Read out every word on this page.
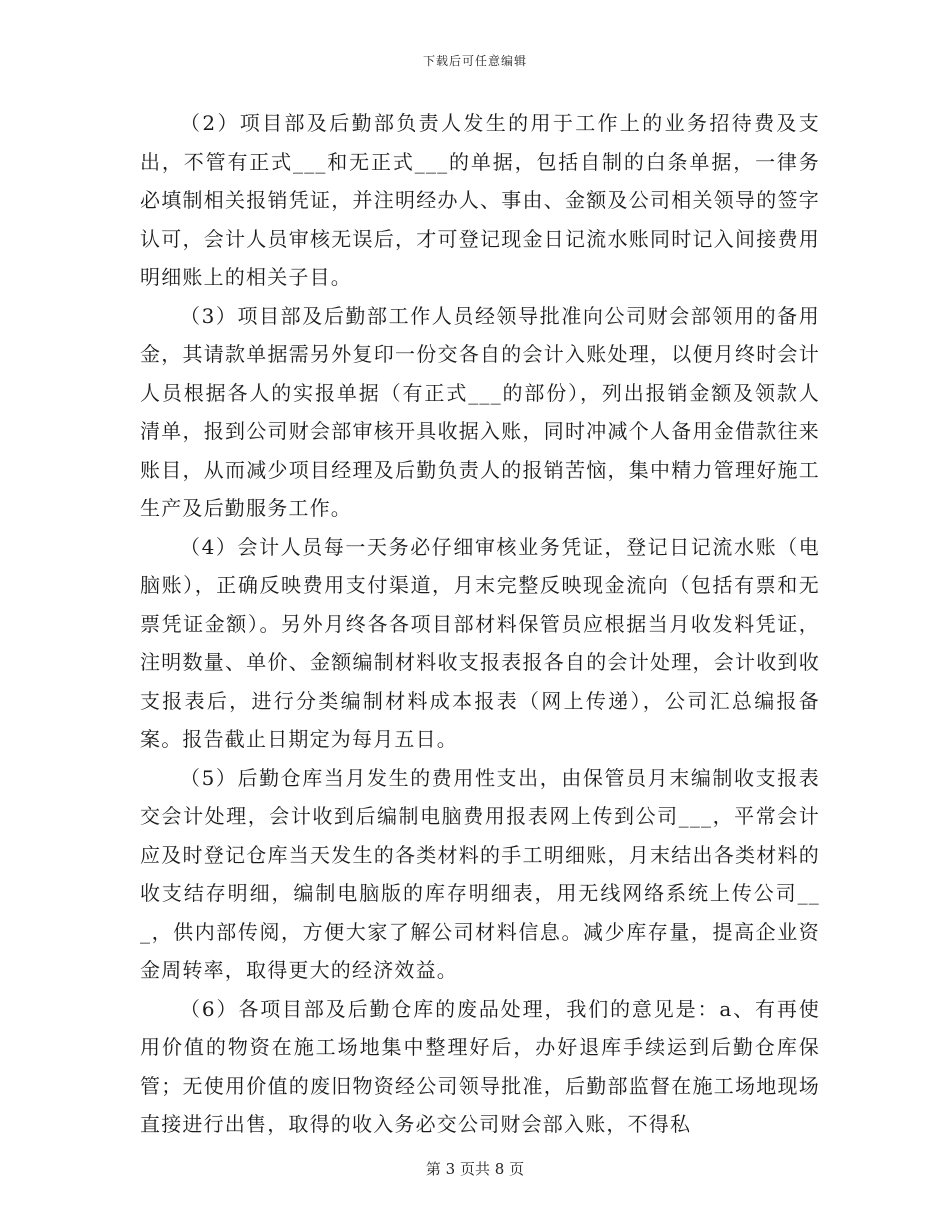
下载后可任意编辑

（2）项目部及后勤部负责人发生的用于工作上的业务招待费及支出，不管有正式___和无正式___的单据，包括自制的白条单据，一律务必填制相关报销凭证，并注明经办人、事由、金额及公司相关领导的签字认可，会计人员审核无误后，才可登记现金日记流水账同时记入间接费用明细账上的相关子目。

（3）项目部及后勤部工作人员经领导批准向公司财会部领用的备用金，其请款单据需另外复印一份交各自的会计入账处理，以便月终时会计人员根据各人的实报单据（有正式___的部份），列出报销金额及领款人清单，报到公司财会部审核开具收据入账，同时冲减个人备用金借款往来账目，从而减少项目经理及后勤负责人的报销苦恼，集中精力管理好施工生产及后勤服务工作。

（4）会计人员每一天务必仔细审核业务凭证，登记日记流水账（电脑账），正确反映费用支付渠道，月末完整反映现金流向（包括有票和无票凭证金额）。另外月终各各项目部材料保管员应根据当月收发料凭证，注明数量、单价、金额编制材料收支报表报各自的会计处理，会计收到收支报表后，进行分类编制材料成本报表（网上传递），公司汇总编报备案。报告截止日期定为每月五日。

（5）后勤仓库当月发生的费用性支出，由保管员月末编制收支报表交会计处理，会计收到后编制电脑费用报表网上传到公司___，平常会计应及时登记仓库当天发生的各类材料的手工明细账，月末结出各类材料的收支结存明细，编制电脑版的库存明细表，用无线网络系统上传公司___，供内部传阅，方便大家了解公司材料信息。减少库存量，提高企业资金周转率，取得更大的经济效益。

（6）各项目部及后勤仓库的废品处理，我们的意见是：a、有再使用价值的物资在施工场地集中整理好后，办好退库手续运到后勤仓库保管；无使用价值的废旧物资经公司领导批准，后勤部监督在施工场地现场直接进行出售，取得的收入务必交公司财会部入账，不得私

第 3 页共 8 页
